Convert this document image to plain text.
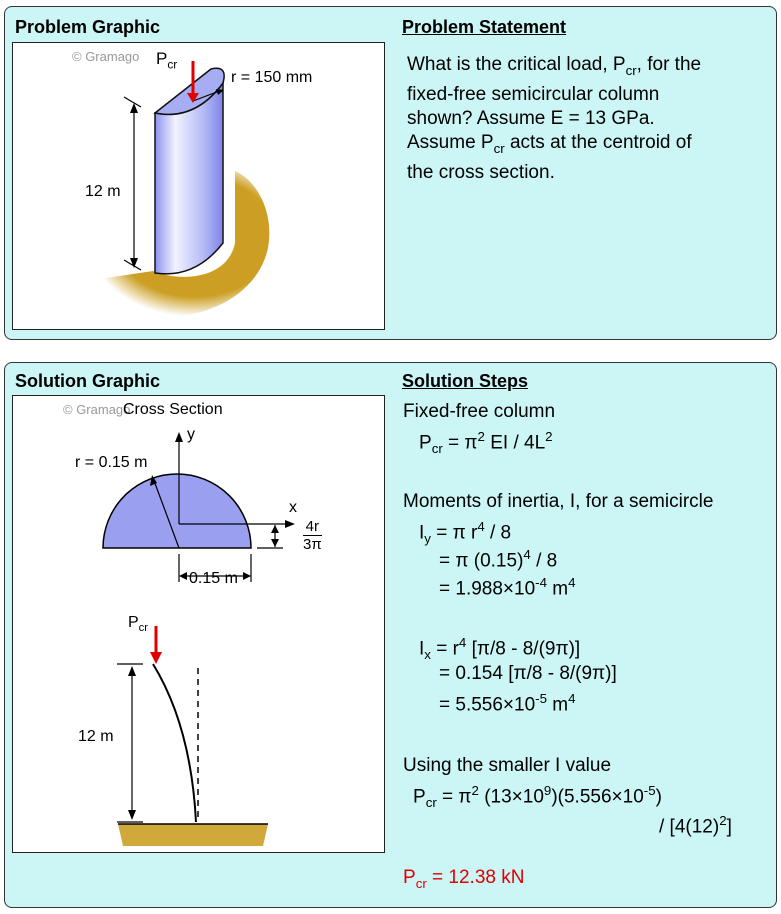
Problem Graphic	Problem Statement
© Gramago $P_{cr}$
r = 150 mm
12 m
What is the critical load, $P_{cr}$, for the
fixed-free semicircular column
shown? Assume E = 13 GPa.
Assume $P_{cr}$ acts at the centroid of
the cross section.
Solution Graphic	Solution Steps
© Gramago
Cross Section
y
x
r = 0.15 m
4r
3π
0.15 m
$P_{cr}$
12 m
Fixed-free column
$P_{cr} = \pi^2$ EI / $4L^2$
Moments of inertia, I, for a semicircle
$I_y = \pi$ $r^4 / 8$
= π $(0.15)^4 / 8$
= $1.988\times 10^{-4}$ $m^4$
$I_x = r^4$ [π/8 - 8/(9π)]
= 0.154 [π/8 - 8/(9π)]
= $5.556\times 10^{-5}$ $m^4$
Using the smaller I value
$P_{cr} = \pi^2$ $(13\times 10^9)(5.556\times 10^{-5})$
/ $[4(12)^2]$
$P_{cr} = 12.38$ kN
